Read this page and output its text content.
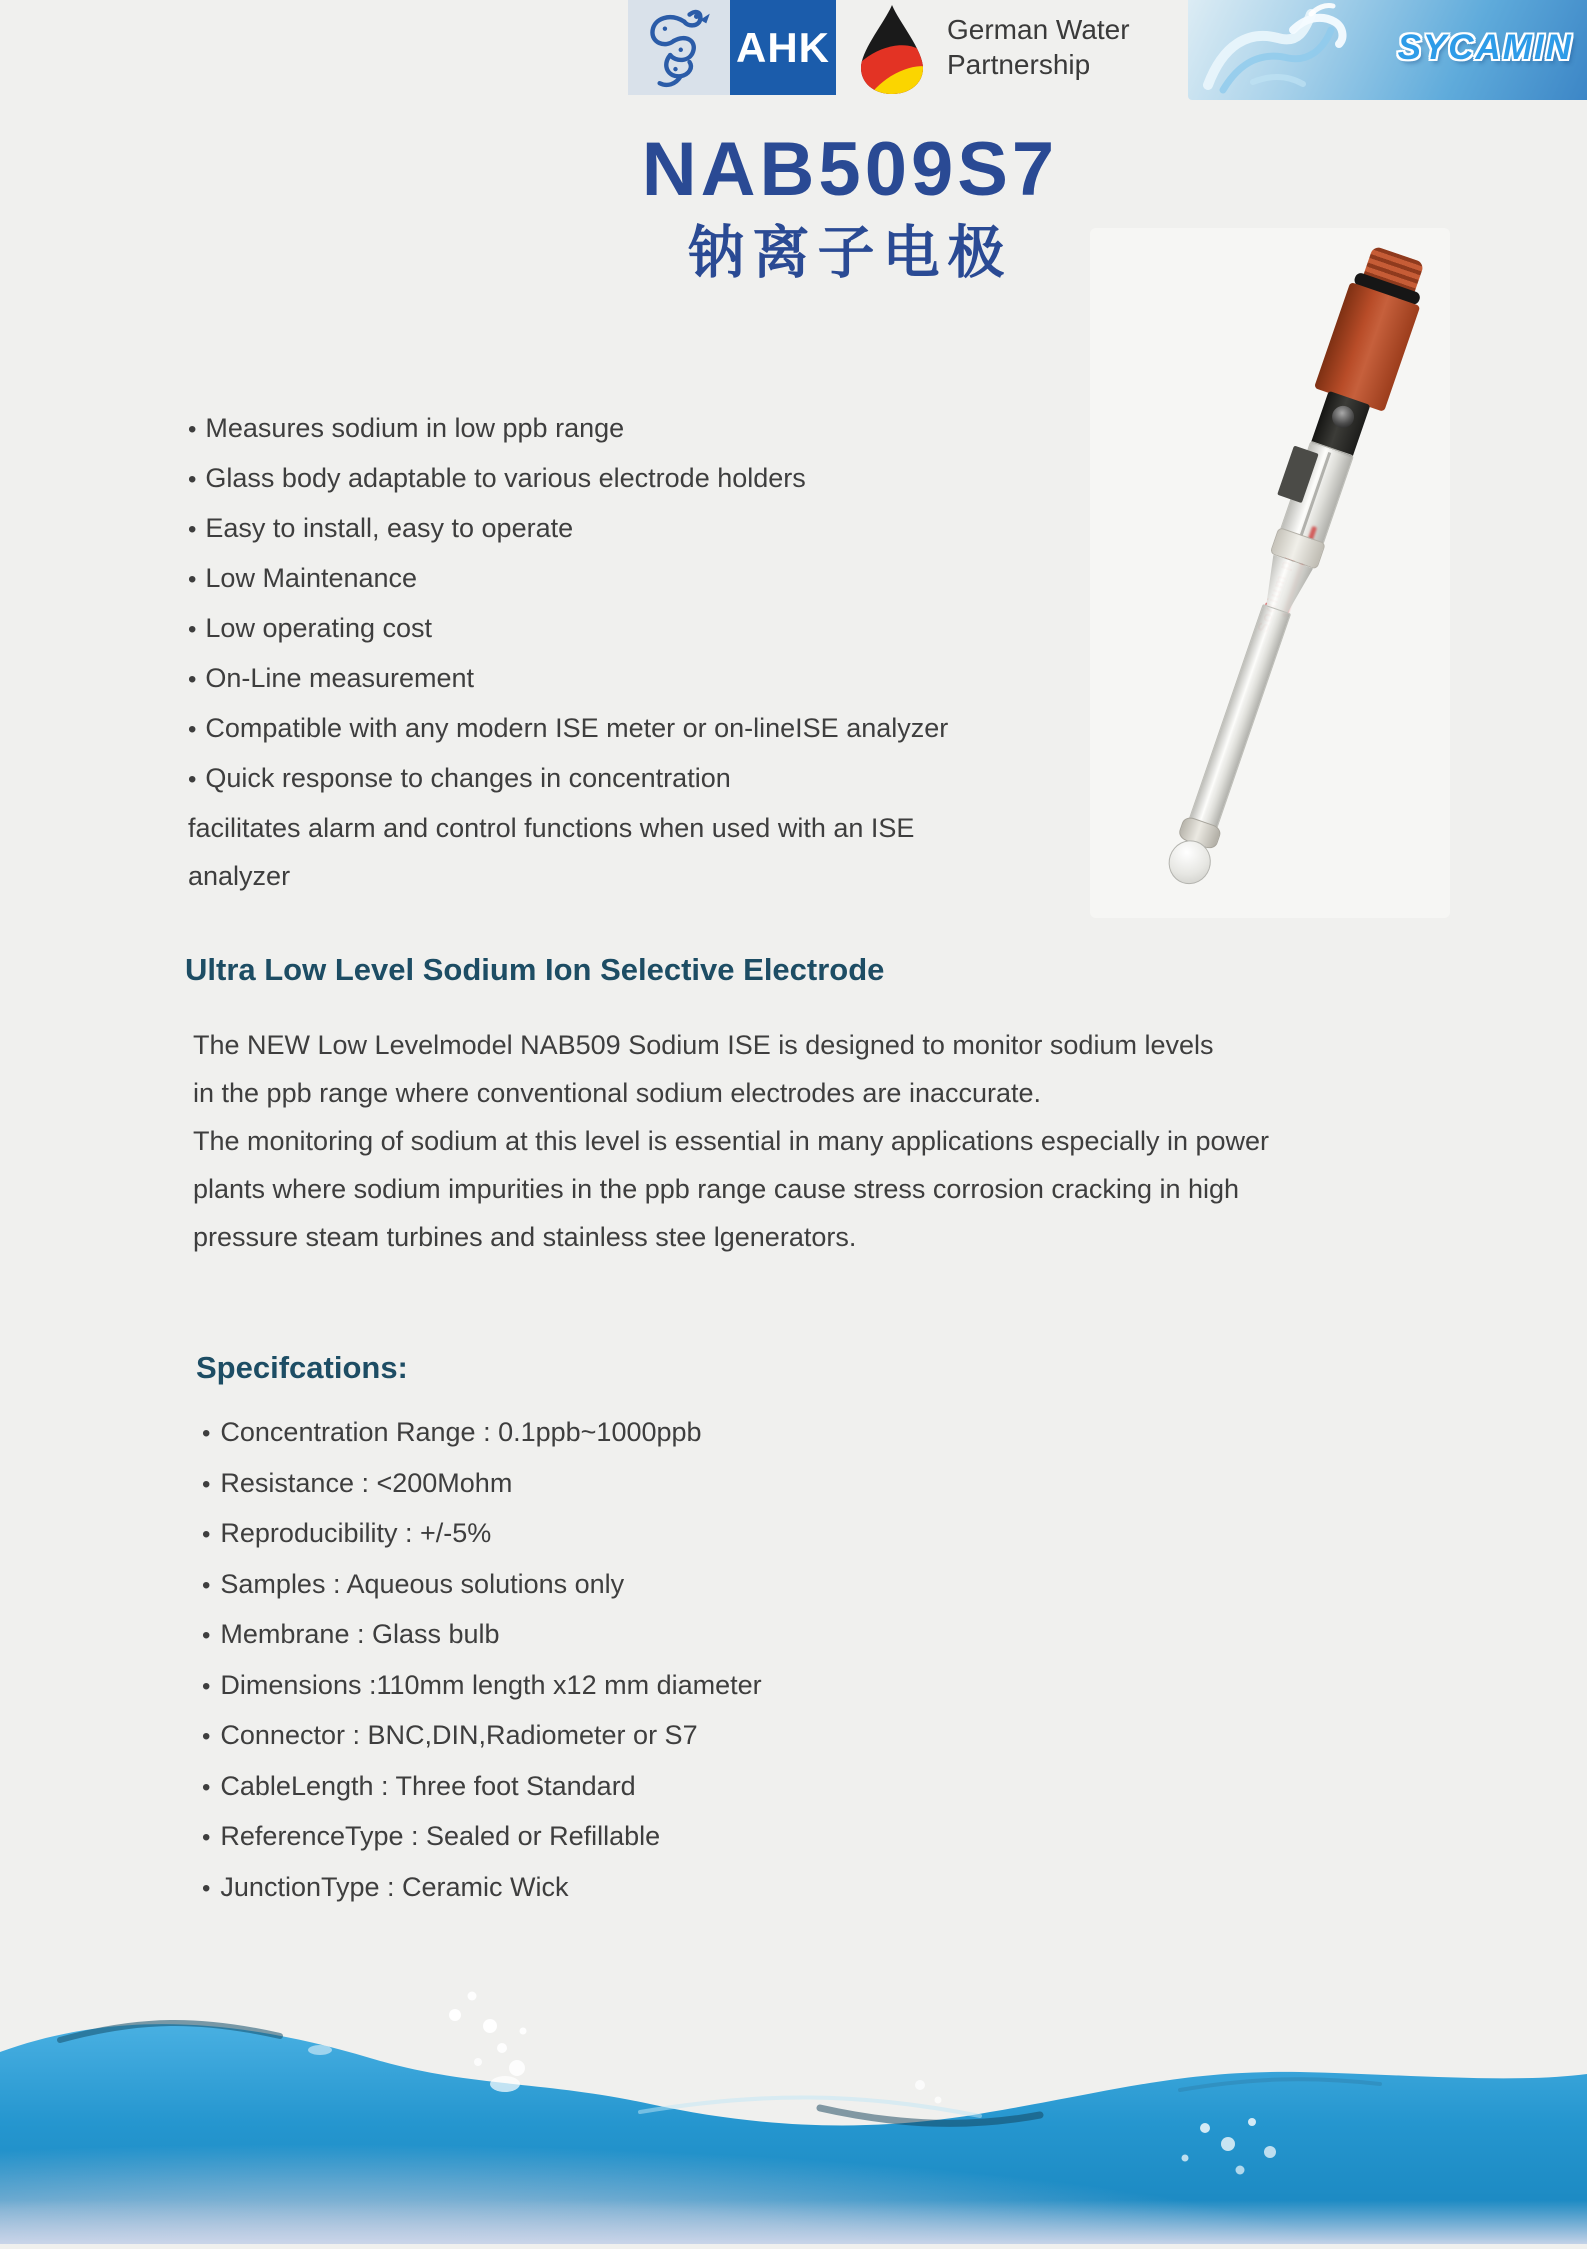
AHK	German Water
Partnership	SYCAMIN
NAB509S7
钠离子电极
• Measures sodium in low ppb range
• Glass body adaptable to various electrode holders
• Easy to install, easy to operate
• Low Maintenance
• Low operating cost
• On-Line measurement
• Compatible with any modern ISE meter or on-lineISE analyzer
• Quick response to changes in concentration
facilitates alarm and control functions when used with an ISE
analyzer
Ultra Low Level Sodium Ion Selective Electrode
The NEW Low Levelmodel NAB509 Sodium ISE is designed to monitor sodium levels
in the ppb range where conventional sodium electrodes are inaccurate.
The monitoring of sodium at this level is essential in many applications especially in power
plants where sodium impurities in the ppb range cause stress corrosion cracking in high
pressure steam turbines and stainless stee lgenerators.
Specifcations:
• Concentration Range : 0.1ppb~1000ppb
• Resistance : <200Mohm
• Reproducibility : +/-5%
• Samples : Aqueous solutions only
• Membrane : Glass bulb
• Dimensions :110mm length x12 mm diameter
• Connector : BNC,DIN,Radiometer or S7
• CableLength : Three foot Standard
• ReferenceType : Sealed or Refillable
• JunctionType : Ceramic Wick
